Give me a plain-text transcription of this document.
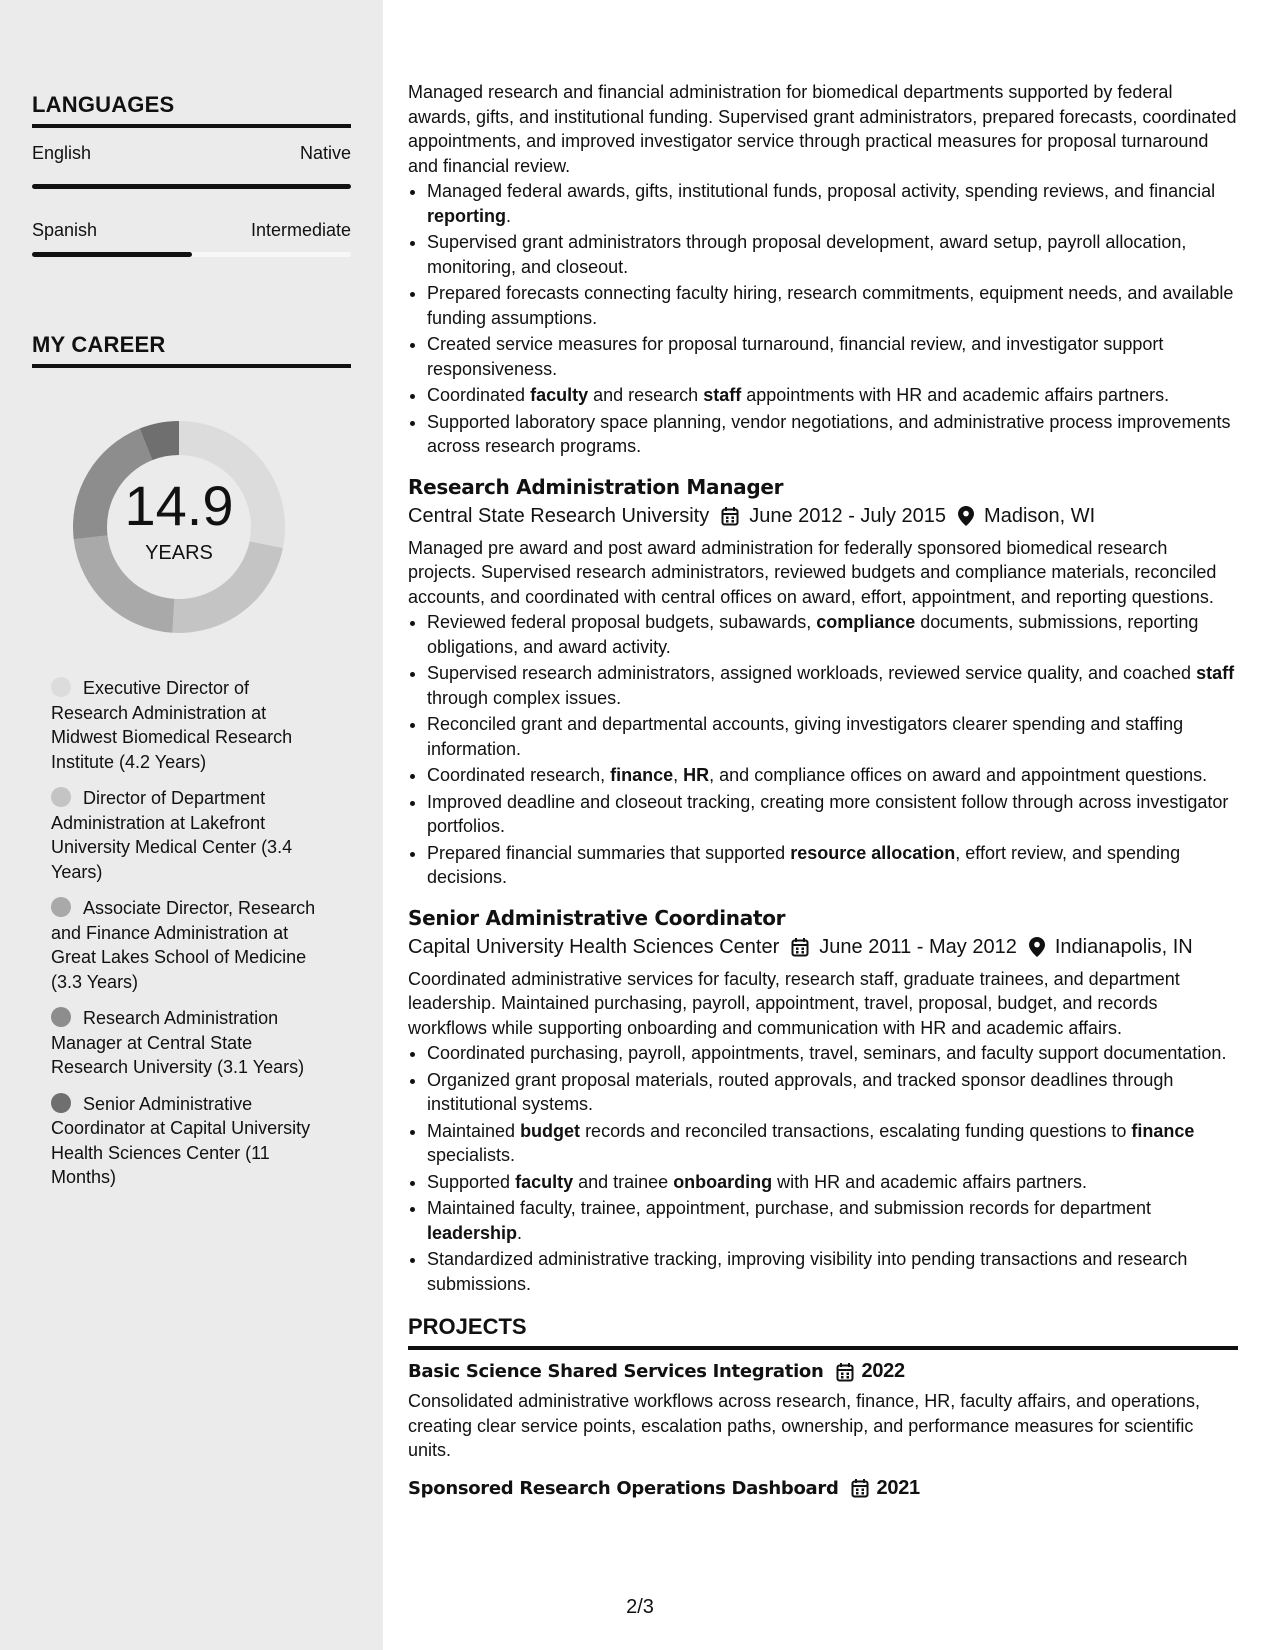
LANGUAGES
English	Native
Spanish	Intermediate
MY CAREER
14.9
YEARS
Executive Director of Research Administration at Midwest Biomedical Research Institute (4.2 Years)
Director of Department Administration at Lakefront University Medical Center (3.4 Years)
Associate Director, Research and Finance Administration at Great Lakes School of Medicine (3.3 Years)
Research Administration Manager at Central State Research University (3.1 Years)
Senior Administrative Coordinator at Capital University Health Sciences Center (11 Months)

Managed research and financial administration for biomedical departments supported by federal awards, gifts, and institutional funding. Supervised grant administrators, prepared forecasts, coordinated appointments, and improved investigator service through practical measures for proposal turnaround and financial review.

• Managed federal awards, gifts, institutional funds, proposal activity, spending reviews, and financial reporting.
• Supervised grant administrators through proposal development, award setup, payroll allocation, monitoring, and closeout.
• Prepared forecasts connecting faculty hiring, research commitments, equipment needs, and available funding assumptions.
• Created service measures for proposal turnaround, financial review, and investigator support responsiveness.
• Coordinated faculty and research staff appointments with HR and academic affairs partners.
• Supported laboratory space planning, vendor negotiations, and administrative process improvements across research programs.
Research Administration Manager
Central State Research University June 2012 - July 2015 Madison, WI

Managed pre award and post award administration for federally sponsored biomedical research projects. Supervised research administrators, reviewed budgets and compliance materials, reconciled accounts, and coordinated with central offices on award, effort, appointment, and reporting questions.

• Reviewed federal proposal budgets, subawards, compliance documents, submissions, reporting obligations, and award activity.
• Supervised research administrators, assigned workloads, reviewed service quality, and coached staff through complex issues.
• Reconciled grant and departmental accounts, giving investigators clearer spending and staffing information.
• Coordinated research, finance, HR, and compliance offices on award and appointment questions.
• Improved deadline and closeout tracking, creating more consistent follow through across investigator portfolios.
• Prepared financial summaries that supported resource allocation, effort review, and spending decisions.
Senior Administrative Coordinator
Capital University Health Sciences Center June 2011 - May 2012 Indianapolis, IN

Coordinated administrative services for faculty, research staff, graduate trainees, and department leadership. Maintained purchasing, payroll, appointment, travel, proposal, budget, and records workflows while supporting onboarding and communication with HR and academic affairs.

• Coordinated purchasing, payroll, appointments, travel, seminars, and faculty support documentation.
• Organized grant proposal materials, routed approvals, and tracked sponsor deadlines through institutional systems.
• Maintained budget records and reconciled transactions, escalating funding questions to finance specialists.
• Supported faculty and trainee onboarding with HR and academic affairs partners.
• Maintained faculty, trainee, appointment, purchase, and submission records for department leadership.
• Standardized administrative tracking, improving visibility into pending transactions and research submissions.
PROJECTS
Basic Science Shared Services Integration 2022

Consolidated administrative workflows across research, finance, HR, faculty affairs, and operations, creating clear service points, escalation paths, ownership, and performance measures for scientific units.

Sponsored Research Operations Dashboard 2021
2/3
